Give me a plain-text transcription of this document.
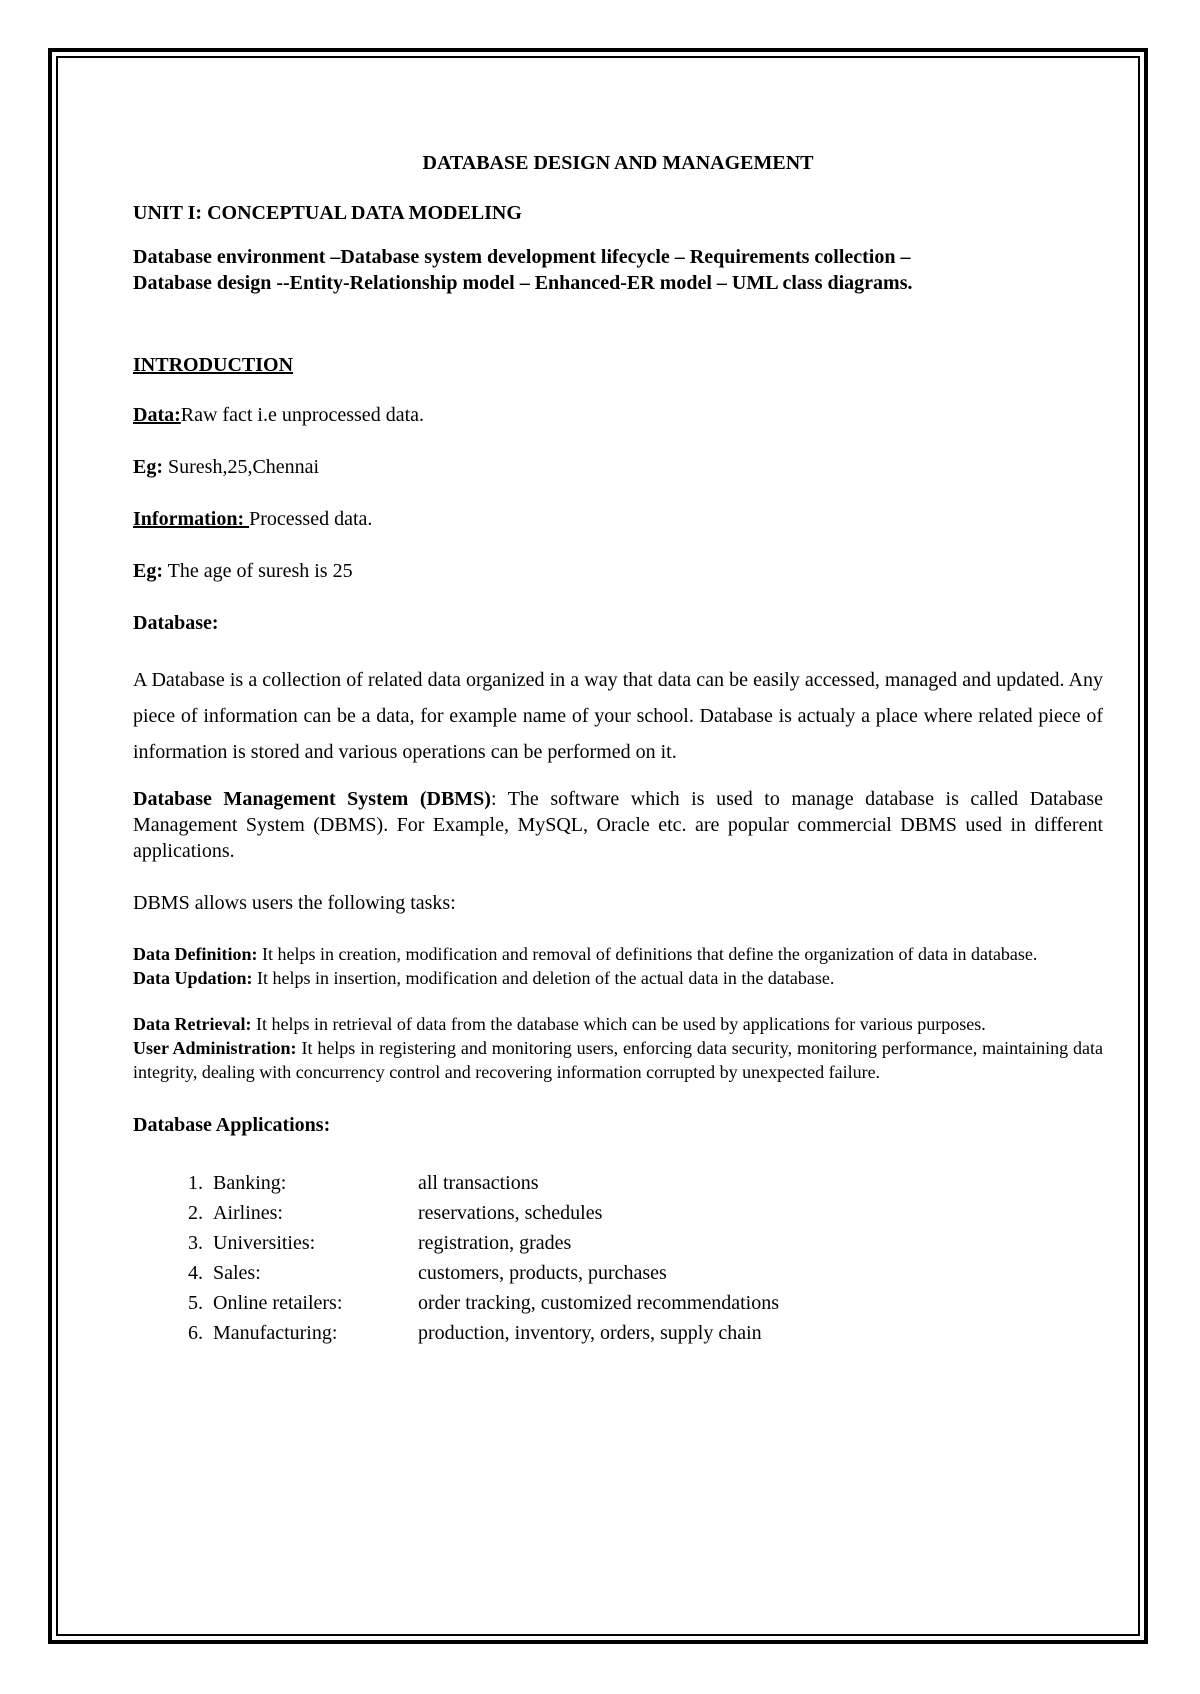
DATABASE DESIGN AND MANAGEMENT
UNIT I: CONCEPTUAL DATA MODELING
Database environment –Database system development lifecycle – Requirements collection –
Database design --Entity-Relationship model – Enhanced-ER model – UML class diagrams.
INTRODUCTION

Data:Raw fact i.e unprocessed data.

Eg: Suresh,25,Chennai

Information: Processed data.

Eg: The age of suresh is 25

Database:

A Database is a collection of related data organized in a way that data can be easily accessed, managed and updated. Any piece of information can be a data, for example name of your school. Database is actualy a place where related piece of information is stored and various operations can be performed on it.

Database Management System (DBMS): The software which is used to manage database is called Database Management System (DBMS). For Example, MySQL, Oracle etc. are popular commercial DBMS used in different applications.

DBMS allows users the following tasks:

Data Definition: It helps in creation, modification and removal of definitions that define the organization of data in database.

Data Updation: It helps in insertion, modification and deletion of the actual data in the database.

Data Retrieval: It helps in retrieval of data from the database which can be used by applications for various purposes.

User Administration: It helps in registering and monitoring users, enforcing data security, monitoring performance, maintaining data integrity, dealing with concurrency control and recovering information corrupted by unexpected failure.

Database Applications:
1. Banking:	all transactions
2. Airlines:	reservations, schedules
3. Universities:	registration, grades
4. Sales:	customers, products, purchases
5. Online retailers:	order tracking, customized recommendations
6. Manufacturing:	production, inventory, orders, supply chain
